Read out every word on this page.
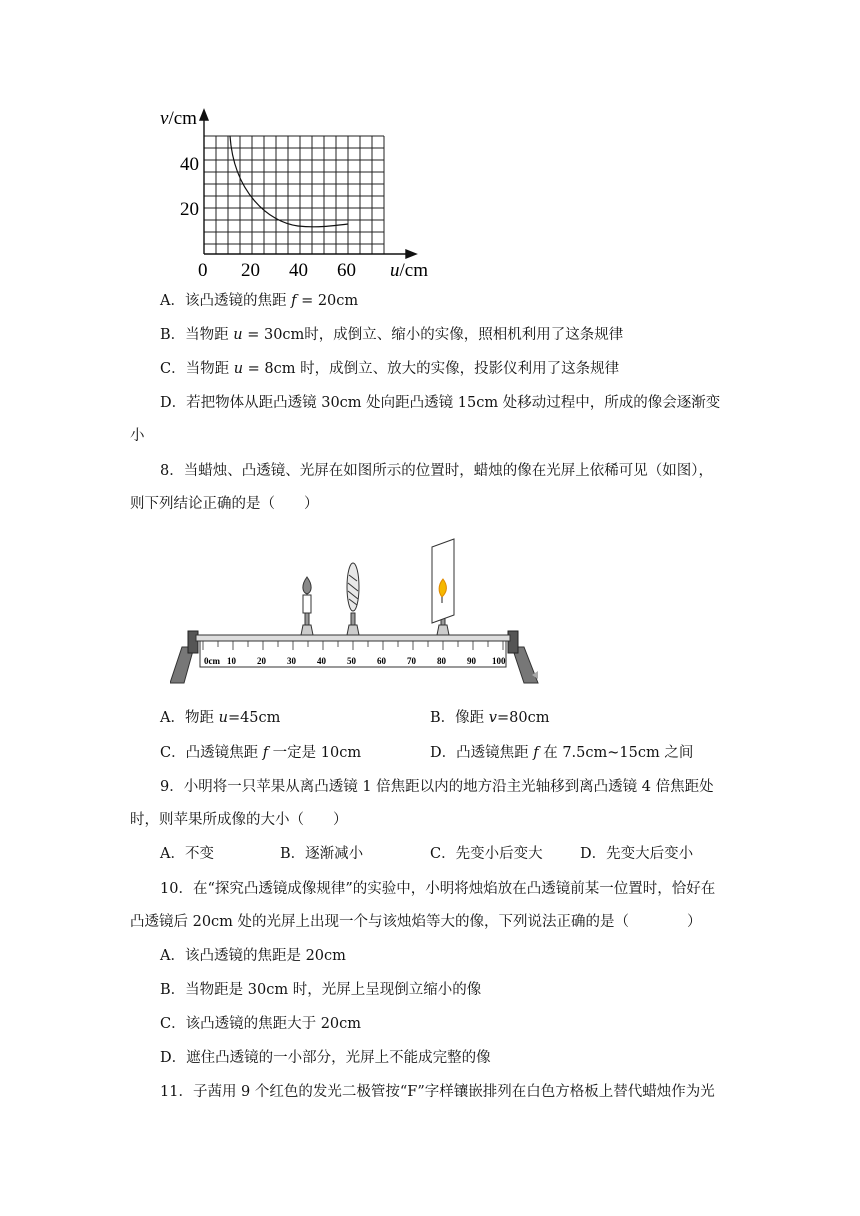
v/cm
40
20
0 20 40 60 u/cm
A．该凸透镜的焦距 f = 20cm
B．当物距 u = 30cm时，成倒立、缩小的实像，照相机利用了这条规律
C．当物距 u = 8cm 时，成倒立、放大的实像，投影仪利用了这条规律
D．若把物体从距凸透镜 30cm 处向距凸透镜 15cm 处移动过程中，所成的像会逐渐变
小
8．当蜡烛、凸透镜、光屏在如图所示的位置时，蜡烛的像在光屏上依稀可见（如图），
则下列结论正确的是（　　）
0cm 10 20 30 40 50 60 70 80 90 100
A．物距 u=45cm	B．像距 v=80cm
C．凸透镜焦距 f 一定是 10cm	D．凸透镜焦距 f 在 7.5cm~15cm 之间
9．小明将一只苹果从离凸透镜 1 倍焦距以内的地方沿主光轴移到离凸透镜 4 倍焦距处
时，则苹果所成像的大小（　　）
A．不变	B．逐渐减小	C．先变小后变大	D．先变大后变小
10．在“探究凸透镜成像规律”的实验中，小明将烛焰放在凸透镜前某一位置时，恰好在
凸透镜后 20cm 处的光屏上出现一个与该烛焰等大的像，下列说法正确的是（　　　　）
A．该凸透镜的焦距是 20cm
B．当物距是 30cm 时，光屏上呈现倒立缩小的像
C．该凸透镜的焦距大于 20cm
D．遮住凸透镜的一小部分，光屏上不能成完整的像
11．子茜用 9 个红色的发光二极管按“F”字样镶嵌排列在白色方格板上替代蜡烛作为光
